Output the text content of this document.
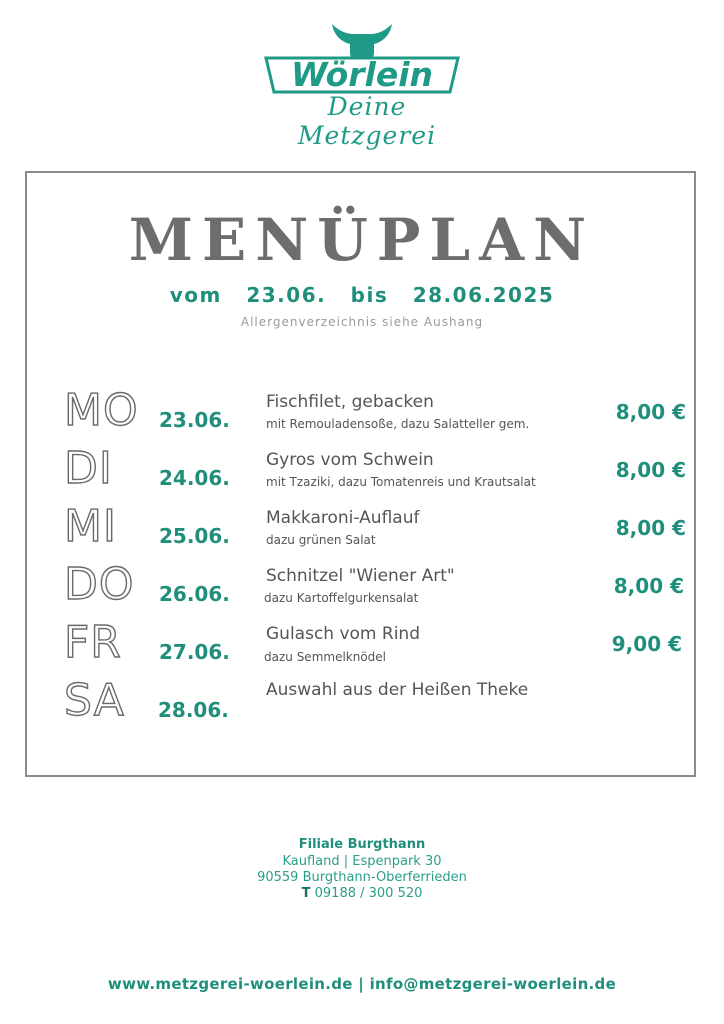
Wörlein
Deine Metzgerei
MENÜPLAN
vom 23.06. bis 28.06.2025
Allergenverzeichnis siehe Aushang
MO 23.06.
Fischfilet, gebacken
mit Remouladensoße, dazu Salatteller gem.	8,00 €
DI 24.06.
Gyros vom Schwein
mit Tzaziki, dazu Tomatenreis und Krautsalat	8,00 €
MI 25.06.
Makkaroni-Auflauf
dazu grünen Salat	8,00 €
DO 26.06.
Schnitzel "Wiener Art"
dazu Kartoffelgurkensalat	8,00 €
FR 27.06.
Gulasch vom Rind
dazu Semmelknödel
9,00 €
SA 28.06.
Auswahl aus der Heißen Theke
Filiale Burgthann
Kaufland | Espenpark 30
90559 Burgthann-Oberferrieden
T 09188 / 300 520
www.metzgerei-woerlein.de | info@metzgerei-woerlein.de
